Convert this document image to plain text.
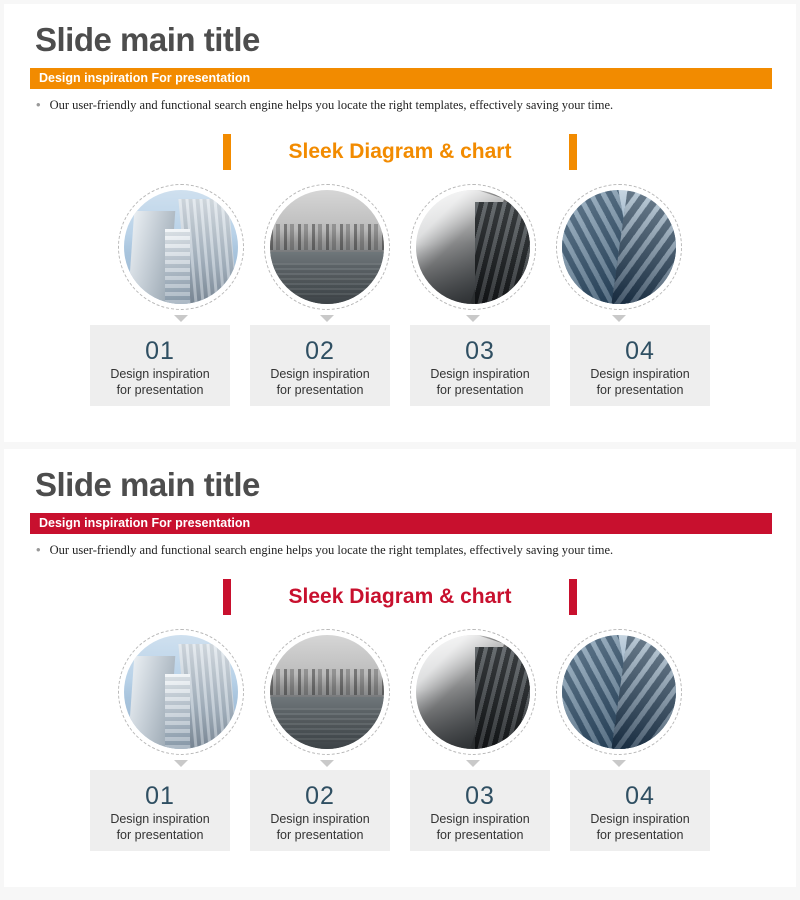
Slide main title
Design inspiration For presentation
• Our user-friendly and functional search engine helps you locate the right templates, effectively saving your time.
Sleek Diagram & chart
01
Design inspiration
for presentation
02
Design inspiration
for presentation
03
Design inspiration
for presentation
04
Design inspiration
for presentation
Slide main title
Design inspiration For presentation
• Our user-friendly and functional search engine helps you locate the right templates, effectively saving your time.
Sleek Diagram & chart
01
Design inspiration
for presentation
02
Design inspiration
for presentation
03
Design inspiration
for presentation
04
Design inspiration
for presentation
